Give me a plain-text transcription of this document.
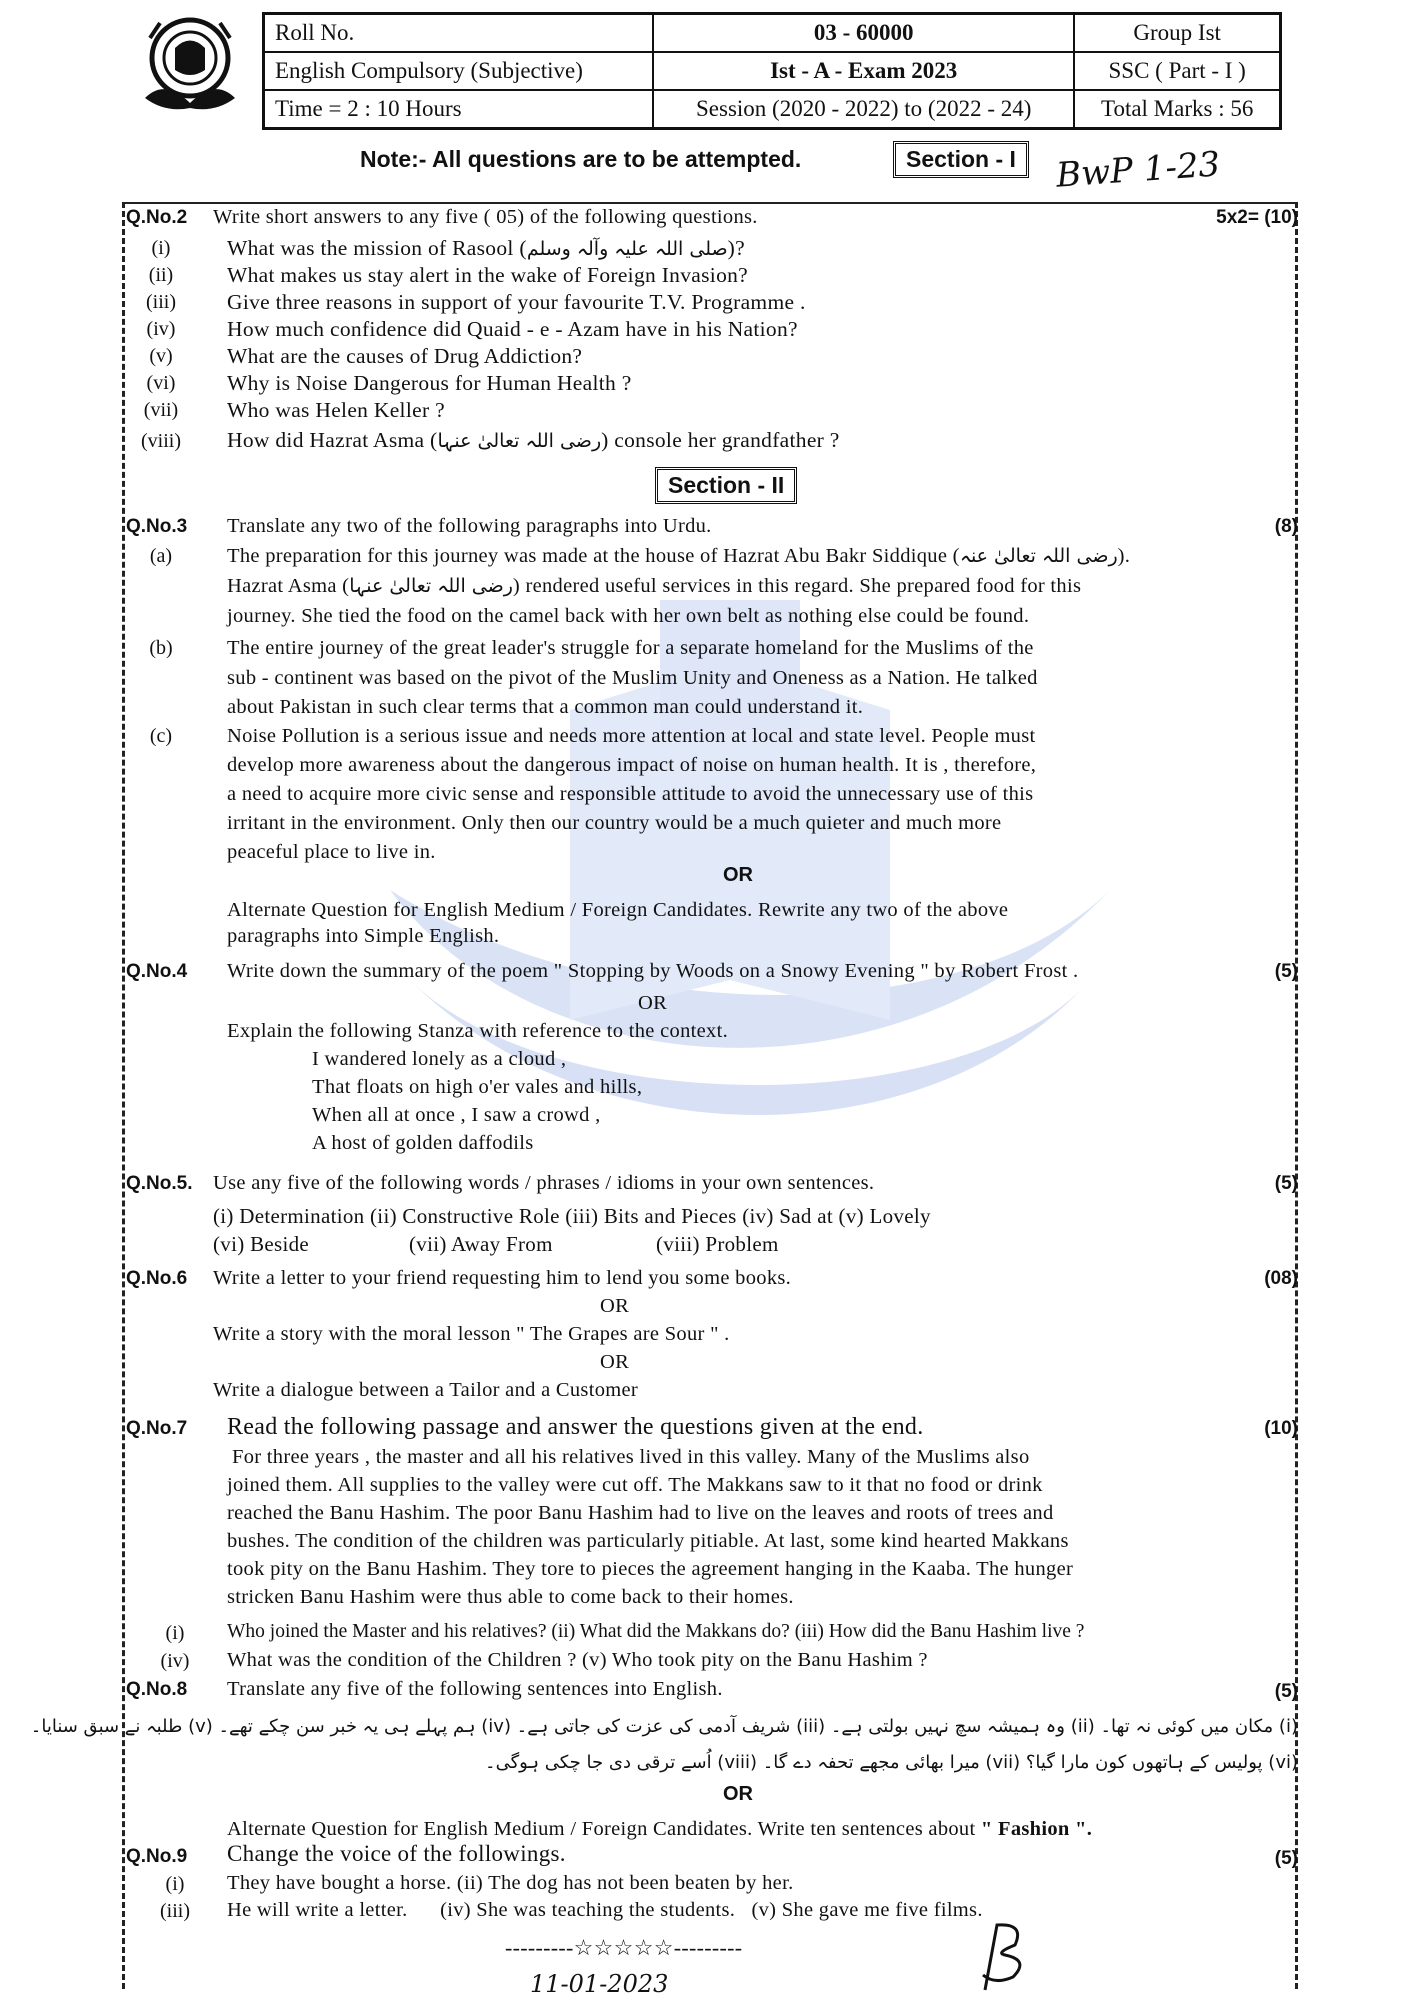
Roll No.	03 - 60000	Group Ist
English Compulsory (Subjective)	Ist - A - Exam 2023	SSC ( Part - I )
Time = 2 : 10 Hours	Session (2020 - 2022) to (2022 - 24)	Total Marks : 56
Note:- All questions are to be attempted.	Section - I	BwP 1-23
Q.No.2 Write short answers to any five ( 05) of the following questions.	5x2= (10)
(i)	What was the mission of Rasool (صلی اللہ علیہ وآلہ وسلم)?
(ii)	What makes us stay alert in the wake of Foreign Invasion?
(iii)	Give three reasons in support of your favourite T.V. Programme .
(iv)	How much confidence did Quaid - e - Azam have in his Nation?
(v)	What are the causes of Drug Addiction?
(vi)	Why is Noise Dangerous for Human Health ?
(vii)	Who was Helen Keller ?
(viii)	How did Hazrat Asma (رضی اللہ تعالیٰ عنہا) console her grandfather ?
Section - II
Q.No.3 Translate any two of the following paragraphs into Urdu.	(8)
(a)	The preparation for this journey was made at the house of Hazrat Abu Bakr Siddique (رضی اللہ تعالیٰ عنہ).
Hazrat Asma (رضی اللہ تعالیٰ عنہا) rendered useful services in this regard. She prepared food for this
journey. She tied the food on the camel back with her own belt as nothing else could be found.
(b)	The entire journey of the great leader's struggle for a separate homeland for the Muslims of the
sub - continent was based on the pivot of the Muslim Unity and Oneness as a Nation. He talked
about Pakistan in such clear terms that a common man could understand it.
(c)	Noise Pollution is a serious issue and needs more attention at local and state level. People must
develop more awareness about the dangerous impact of noise on human health. It is , therefore,
a need to acquire more civic sense and responsible attitude to avoid the unnecessary use of this
irritant in the environment. Only then our country would be a much quieter and much more
peaceful place to live in.
OR
Alternate Question for English Medium / Foreign Candidates. Rewrite any two of the above
paragraphs into Simple English.
Q.No.4 Write down the summary of the poem " Stopping by Woods on a Snowy Evening " by Robert Frost .	(5)
OR
Explain the following Stanza with reference to the context.
I wandered lonely as a cloud ,
That floats on high o'er vales and hills,
When all at once , I saw a crowd ,
A host of golden daffodils
Q.No.5. Use any five of the following words / phrases / idioms in your own sentences.	(5)
(i) Determination (ii) Constructive Role (iii) Bits and Pieces (iv) Sad at (v) Lovely
(vi) Beside	(vii) Away From	(viii) Problem
Q.No.6 Write a letter to your friend requesting him to lend you some books.	(08)
OR
Write a story with the moral lesson " The Grapes are Sour " .
OR
Write a dialogue between a Tailor and a Customer
Q.No.7 Read the following passage and answer the questions given at the end.	(10)
For three years , the master and all his relatives lived in this valley. Many of the Muslims also
joined them. All supplies to the valley were cut off. The Makkans saw to it that no food or drink
reached the Banu Hashim. The poor Banu Hashim had to live on the leaves and roots of trees and
bushes. The condition of the children was particularly pitiable. At last, some kind hearted Makkans
took pity on the Banu Hashim. They tore to pieces the agreement hanging in the Kaaba. The hunger
stricken Banu Hashim were thus able to come back to their homes.
(i)	Who joined the Master and his relatives? (ii) What did the Makkans do? (iii) How did the Banu Hashim live ?
(iv)	What was the condition of the Children ? (v) Who took pity on the Banu Hashim ?
Q.No.8 Translate any five of the following sentences into English.	(5)
(i) مکان میں کوئی نہ تھا۔ (ii) وہ ہمیشہ سچ نہیں بولتی ہے۔ (iii) شریف آدمی کی عزت کی جاتی ہے۔ (iv) ہم پہلے ہی یہ خبر سن چکے تھے۔ (v) طلبہ نے سبق سنایا۔
(vi) پولیس کے ہاتھوں کون مارا گیا؟ (vii) میرا بھائی مجھے تحفہ دے گا۔ (viii) اُسے ترقی دی جا چکی ہوگی۔
OR
Alternate Question for English Medium / Foreign Candidates. Write ten sentences about " Fashion ".
Q.No.9 Change the voice of the followings.	(5)
(i)	They have bought a horse. (ii) The dog has not been beaten by her.
(iii)	He will write a letter.      (iv) She was teaching the students.   (v) She gave me five films.
---------☆☆☆☆☆---------
11-01-2023
